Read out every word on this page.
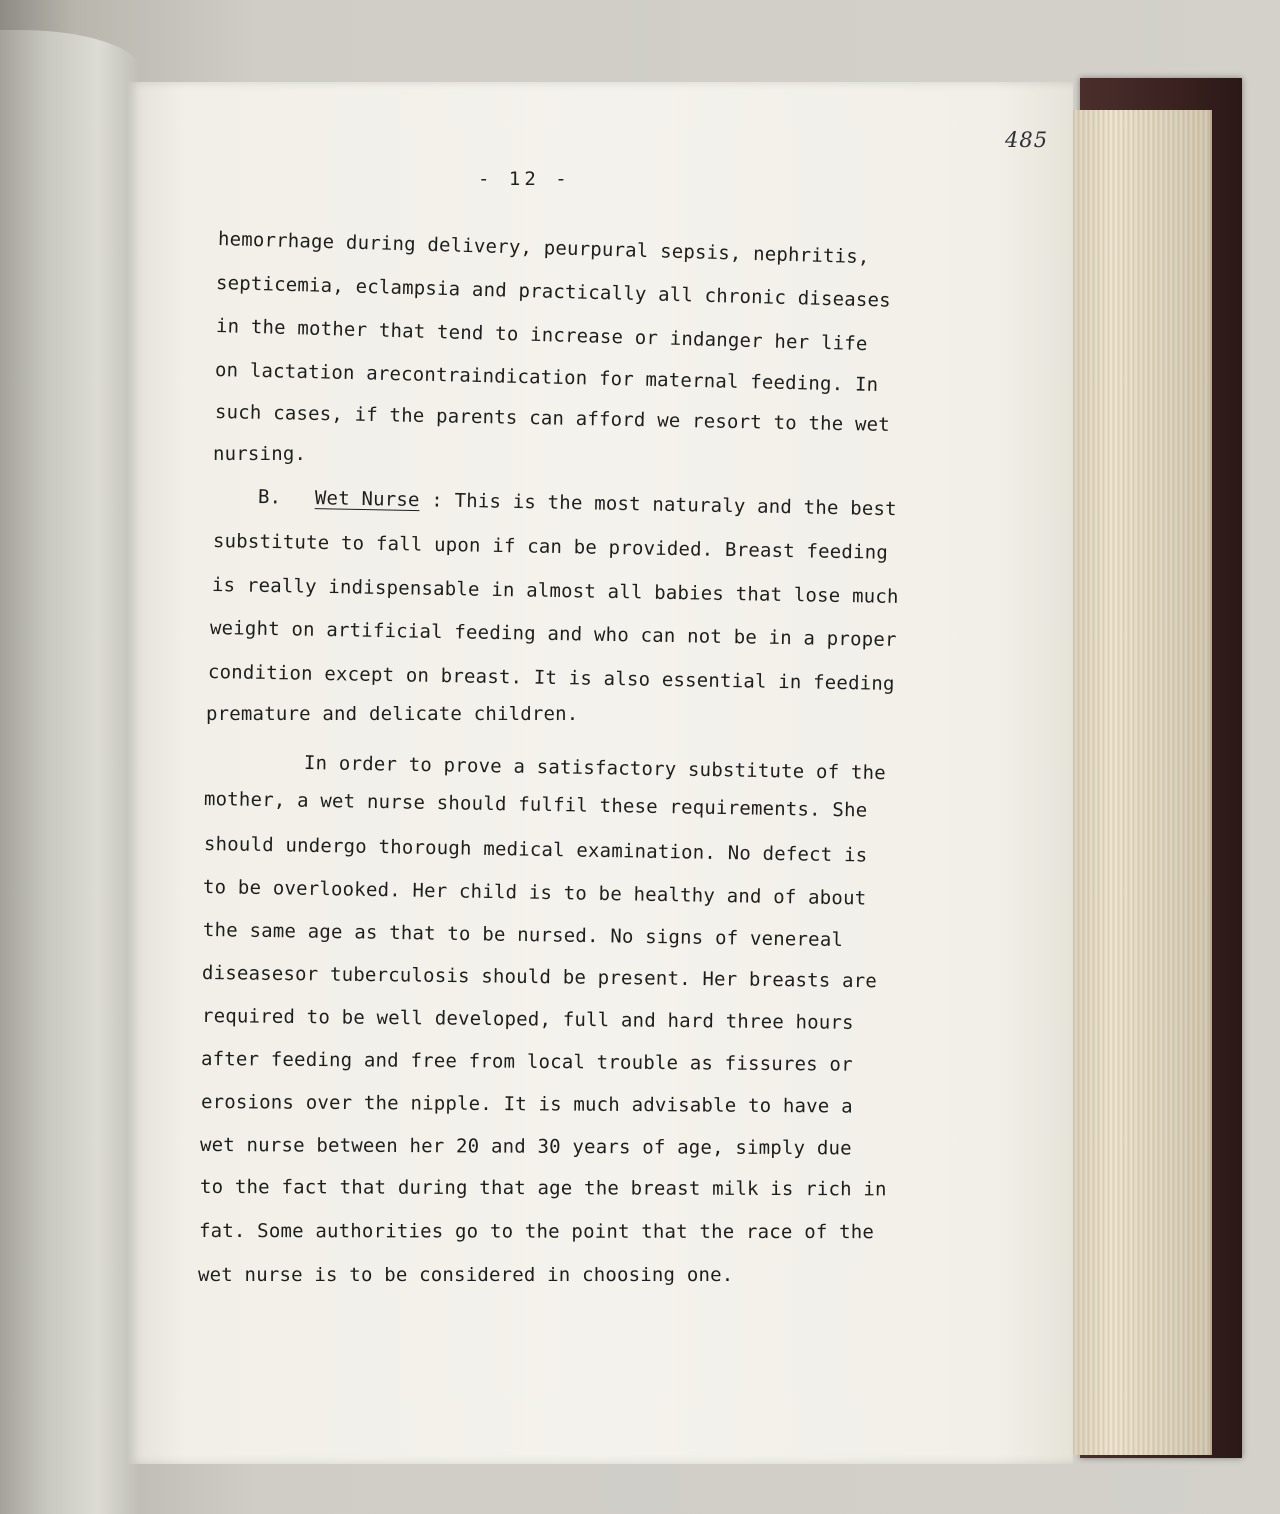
485
- 12 -
hemorrhage during delivery, peurpural sepsis, nephritis,
septicemia, eclampsia and practically all chronic diseases
in the mother that tend to increase or indanger her life
on lactation arecontraindication for maternal feeding. In
such cases, if the parents can afford we resort to the wet
nursing.
B. Wet Nurse : This is the most naturaly and the best
substitute to fall upon if can be provided. Breast feeding
is really indispensable in almost all babies that lose much
weight on artificial feeding and who can not be in a proper
condition except on breast. It is also essential in feeding
premature and delicate children.
In order to prove a satisfactory substitute of the
mother, a wet nurse should fulfil these requirements. She
should undergo thorough medical examination. No defect is
to be overlooked. Her child is to be healthy and of about
the same age as that to be nursed. No signs of venereal
diseasesor tuberculosis should be present. Her breasts are
required to be well developed, full and hard three hours
after feeding and free from local trouble as fissures or
erosions over the nipple. It is much advisable to have a
wet nurse between her 20 and 30 years of age, simply due
to the fact that during that age the breast milk is rich in
fat. Some authorities go to the point that the race of the
wet nurse is to be considered in choosing one.
